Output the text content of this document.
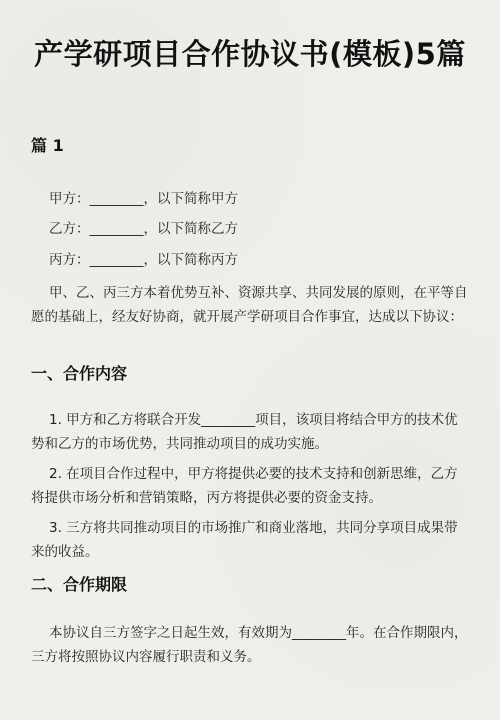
产学研项目合作协议书(模板)5篇
篇 1
甲方：________，以下简称甲方
乙方：________，以下简称乙方
丙方：________，以下简称丙方
甲、乙、丙三方本着优势互补、资源共享、共同发展的原则，在平等自愿的基础上，经友好协商，就开展产学研项目合作事宜，达成以下协议：
一、合作内容
1. 甲方和乙方将联合开发________项目，该项目将结合甲方的技术优势和乙方的市场优势，共同推动项目的成功实施。
2. 在项目合作过程中，甲方将提供必要的技术支持和创新思维，乙方将提供市场分析和营销策略，丙方将提供必要的资金支持。
3. 三方将共同推动项目的市场推广和商业落地，共同分享项目成果带来的收益。
二、合作期限
本协议自三方签字之日起生效，有效期为________年。在合作期限内，三方将按照协议内容履行职责和义务。
